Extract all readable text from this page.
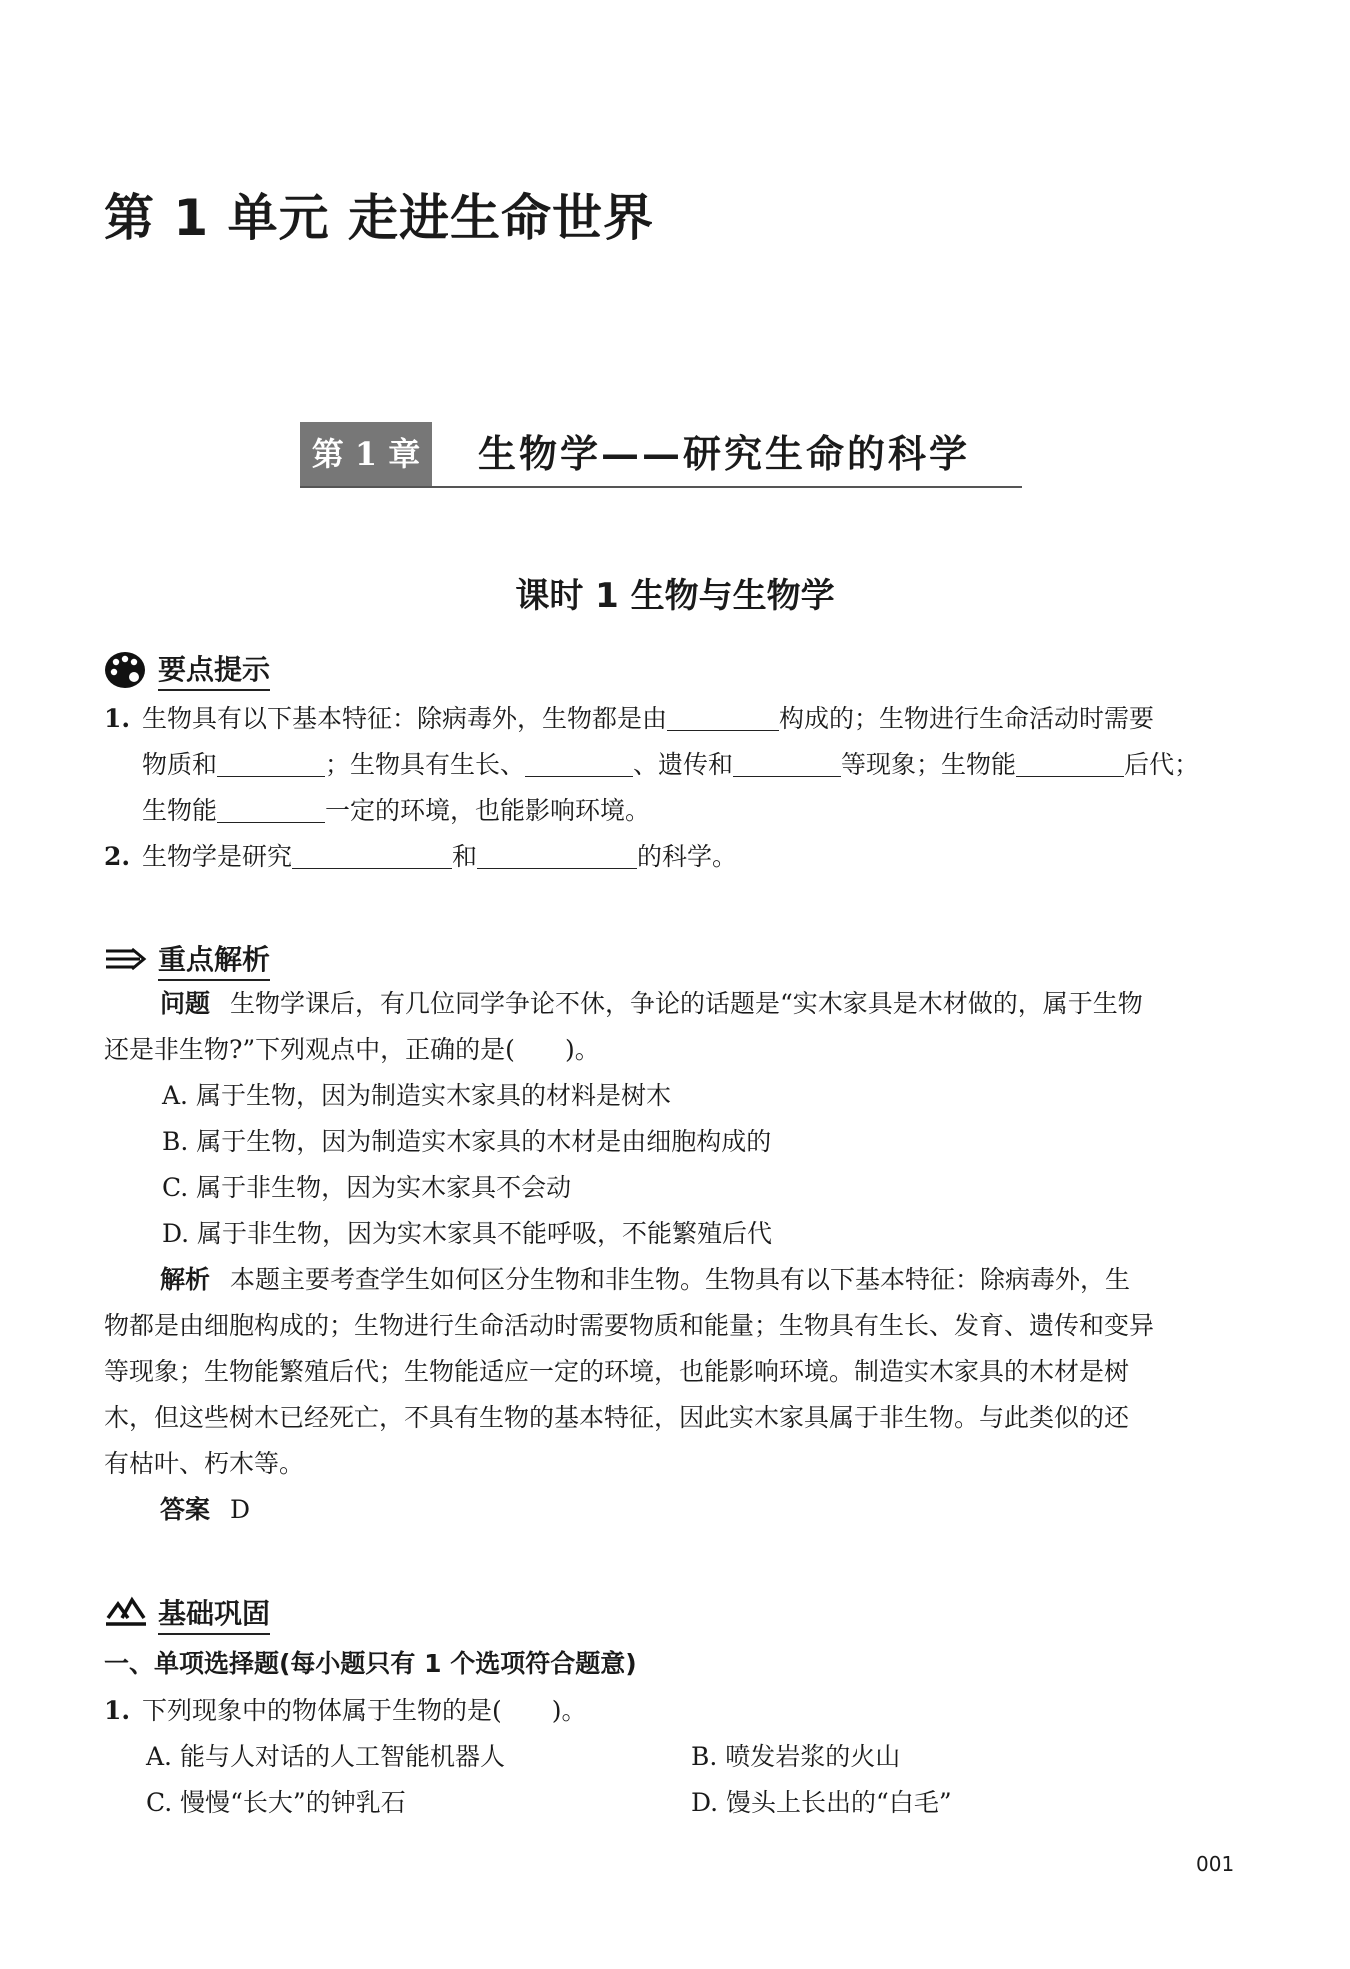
第 1 单元 走进生命世界
第 1 章	生物学——研究生命的科学
课时 1 生物与生物学
要点提示
1. 生物具有以下基本特征：除病毒外，生物都是由	构成的；生物进行生命活动时需要
物质和	；生物具有生长、	、遗传和	等现象；生物能	后代；
生物能	一定的环境，也能影响环境。
2. 生物学是研究	和	的科学。
重点解析
问题 生物学课后，有几位同学争论不休，争论的话题是“实木家具是木材做的，属于生物
还是非生物?”下列观点中，正确的是(　　)。
A. 属于生物，因为制造实木家具的材料是树木
B. 属于生物，因为制造实木家具的木材是由细胞构成的
C. 属于非生物，因为实木家具不会动
D. 属于非生物，因为实木家具不能呼吸，不能繁殖后代
解析 本题主要考查学生如何区分生物和非生物。生物具有以下基本特征：除病毒外，生
物都是由细胞构成的；生物进行生命活动时需要物质和能量；生物具有生长、发育、遗传和变异
等现象；生物能繁殖后代；生物能适应一定的环境，也能影响环境。制造实木家具的木材是树
木，但这些树木已经死亡，不具有生物的基本特征，因此实木家具属于非生物。与此类似的还
有枯叶、朽木等。
答案 D
基础巩固

一、单项选择题(每小题只有 1 个选项符合题意)

1. 下列现象中的物体属于生物的是(　　)。
A. 能与人对话的人工智能机器人	B. 喷发岩浆的火山
C. 慢慢“长大”的钟乳石	D. 馒头上长出的“白毛”
001
